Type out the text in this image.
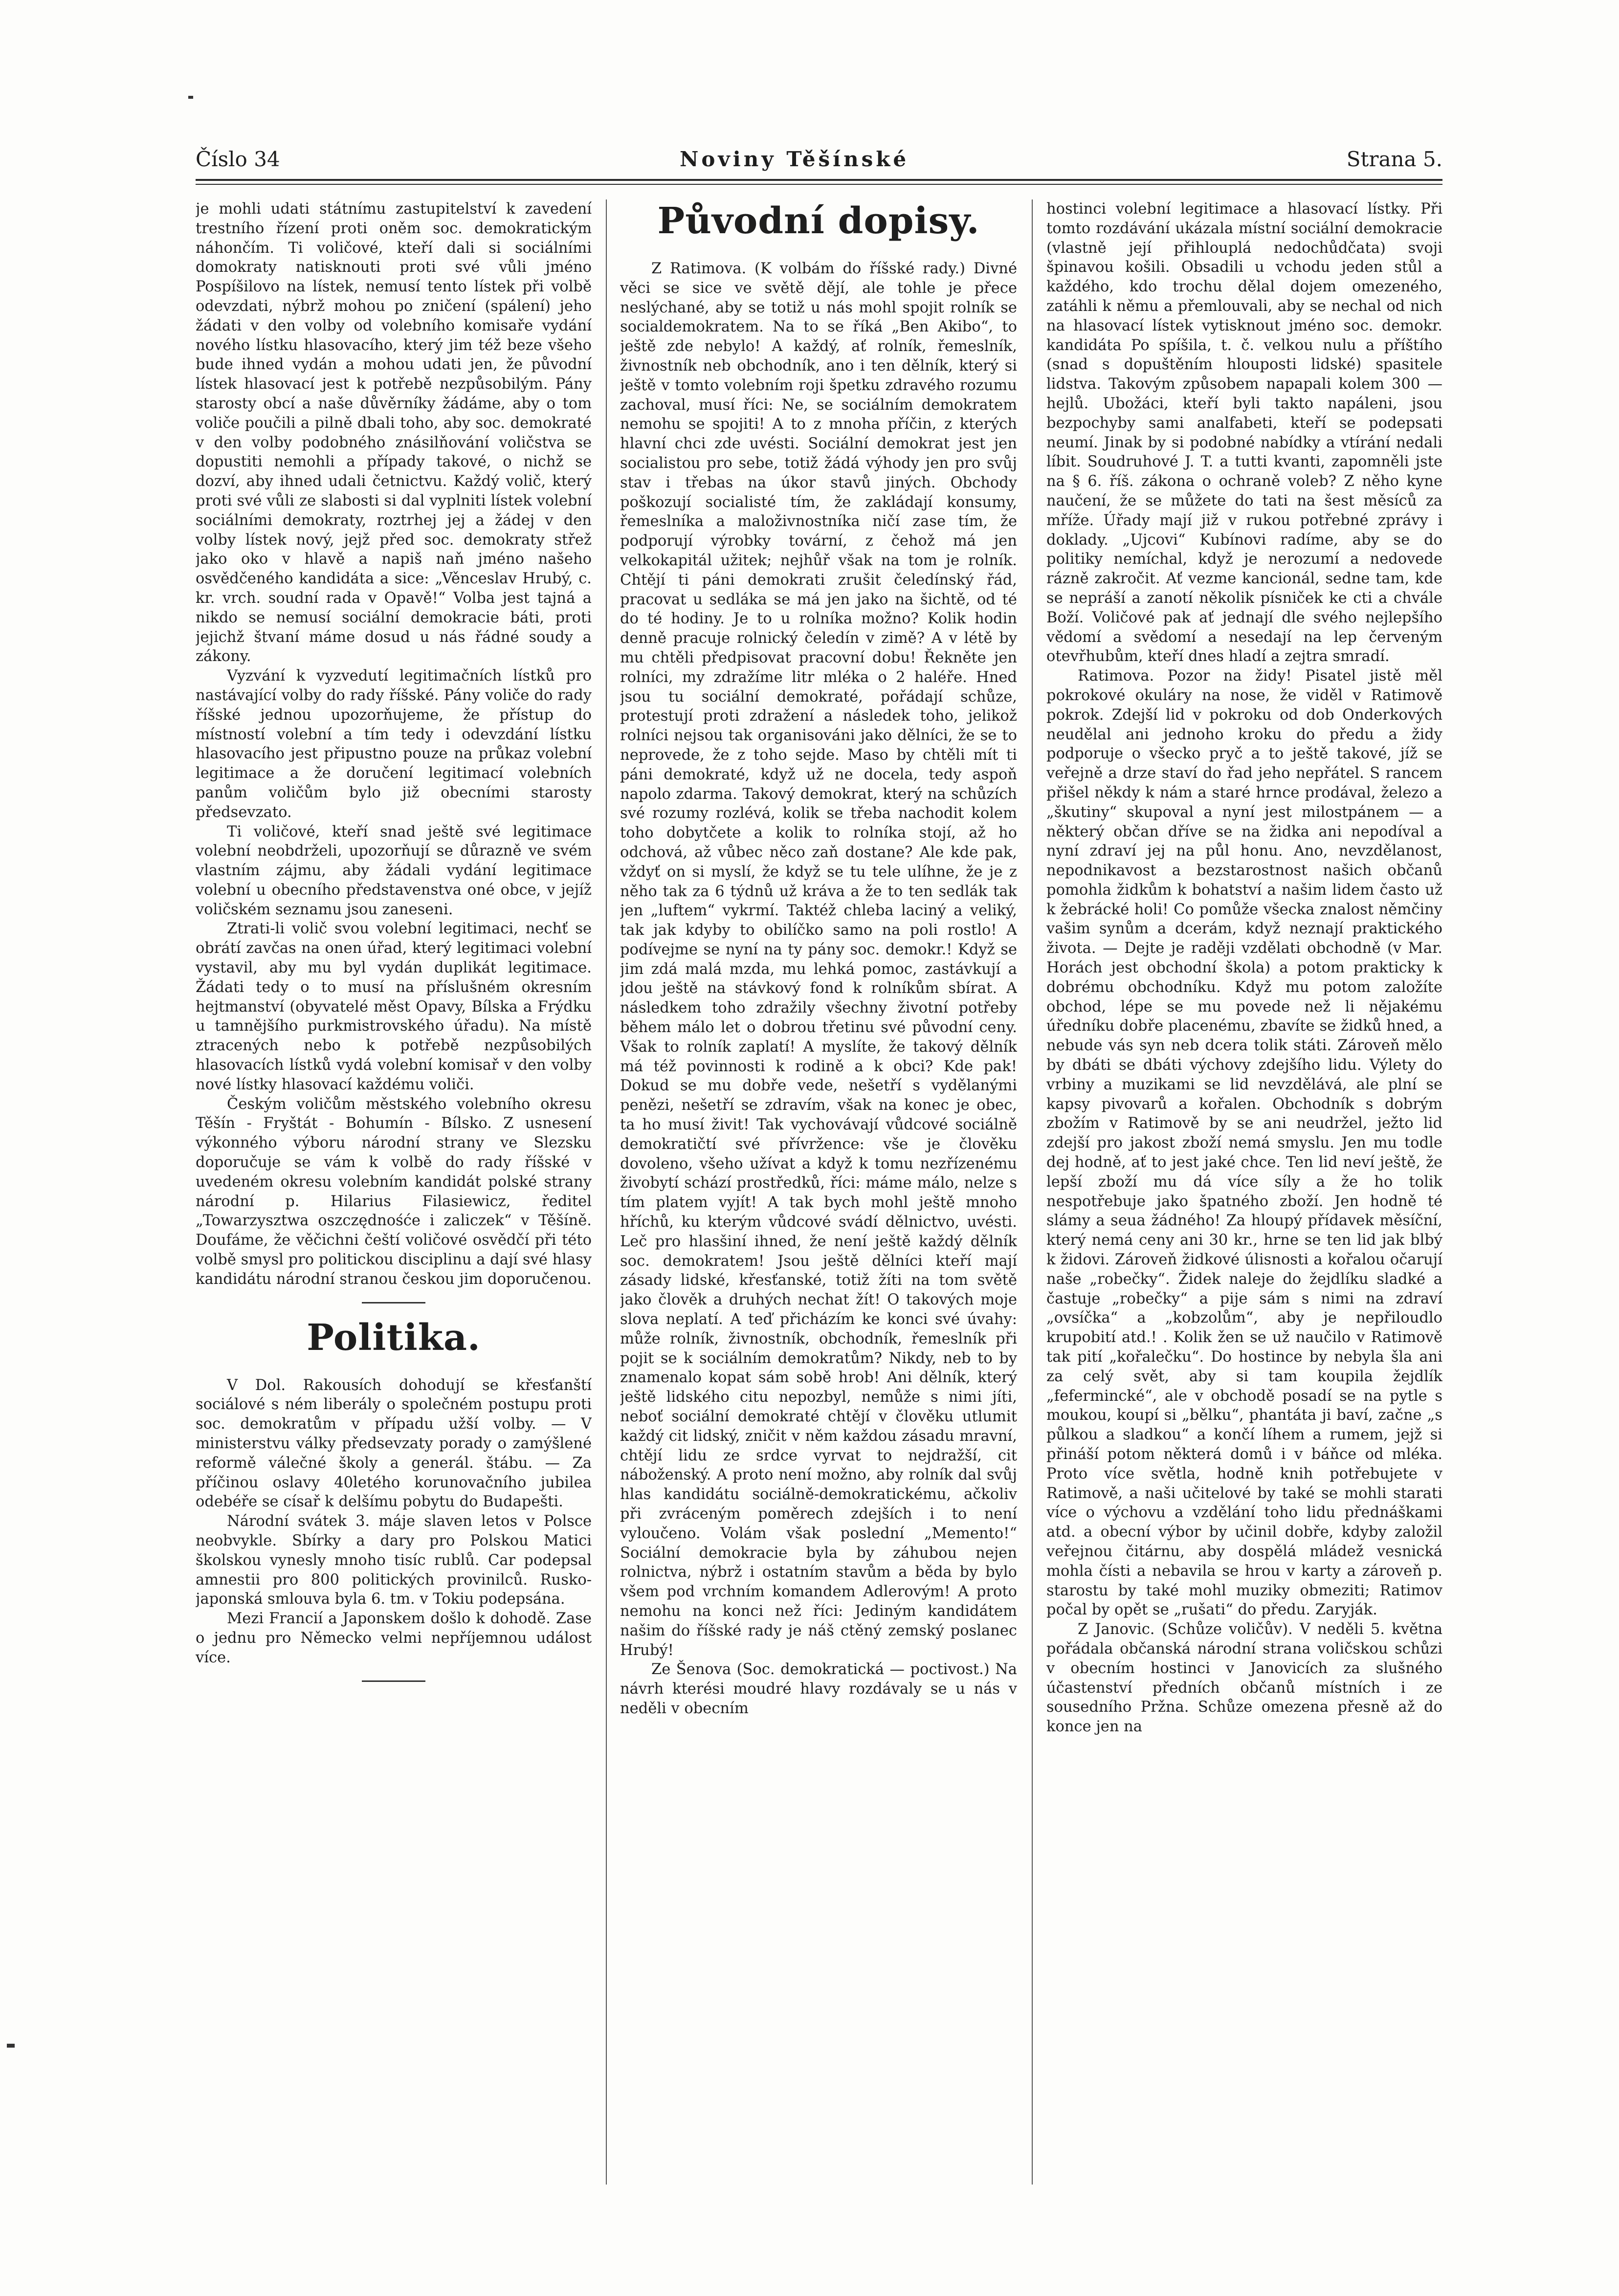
Číslo 34	Noviny Těšínské	Strana 5.

je mohli udati státnímu zastupitelství k zavedení trestního řízení proti oněm soc. demokratickým náhončím. Ti voličové, kteří dali si sociálními domokraty natisknouti proti své vůli jméno Pospíšilovo na lístek, nemusí tento lístek při volbě odevzdati, nýbrž mohou po zničení (spálení) jeho žádati v den volby od volebního komisaře vydání nového lístku hlasovacího, který jim též beze všeho bude ihned vydán a mohou udati jen, že původní lístek hlasovací jest k potřebě nezpůsobilým. Pány starosty obcí a naše důvěrníky žádáme, aby o tom voliče poučili a pilně dbali toho, aby soc. demokraté v den volby podobného znásilňování voličstva se dopustiti nemohli a případy takové, o nichž se dozví, aby ihned udali četnictvu. Každý volič, který proti své vůli ze slabosti si dal vyplniti lístek volební sociálními demokraty, roztrhej jej a žádej v den volby lístek nový, jejž před soc. demokraty střež jako oko v hlavě a napiš naň jméno našeho osvědčeného kandidáta a sice: „Věnceslav Hrubý, c. kr. vrch. soudní rada v Opavě!“ Volba jest tajná a nikdo se nemusí sociální demokracie báti, proti jejichž štvaní máme dosud u nás řádné soudy a zákony.

Vyzvání k vyzvedutí legitimačních lístků pro nastávající volby do rady říšské. Pány voliče do rady říšské jednou upozorňujeme, že přístup do místností volební a tím tedy i odevzdání lístku hlasovacího jest připustno pouze na průkaz volební legitimace a že doručení legitimací volebních panům voličům bylo již obecními starosty předsevzato.

Ti voličové, kteří snad ještě své legitimace volební neobdrželi, upozorňují se důrazně ve svém vlastním zájmu, aby žádali vydání legitimace volební u obecního představenstva oné obce, v jejíž voličském seznamu jsou zaneseni.

Ztrati-li volič svou volební legitimaci, nechť se obrátí zavčas na onen úřad, který legitimaci volební vystavil, aby mu byl vydán duplikát legitimace. Žádati tedy o to musí na příslušném okresním hejtmanství (obyvatelé měst Opavy, Bílska a Frýdku u tamnějšího purkmistrovského úřadu). Na místě ztracených nebo k potřebě nezpůsobilých hlasovacích lístků vydá volební komisař v den volby nové lístky hlasovací každému voliči.

Českým voličům městského volebního okresu Těšín - Fryštát - Bohumín - Bílsko. Z usnesení výkonného výboru národní strany ve Slezsku doporučuje se vám k volbě do rady říšské v uvedeném okresu volebním kandidát polské strany národní p. Hilarius Filasiewicz, ředitel „Towarzysztwa oszczędnośće i zaliczek“ v Těšíně. Doufáme, že věčichni čeští voličové osvědčí při této volbě smysl pro politickou disciplinu a dají své hlasy kandidátu národní stranou českou jim doporučenou.

Politika.

V Dol. Rakousích dohodují se křesťanští sociálové s ném liberály o společném postupu proti soc. demokratům v případu užší volby. — V ministerstvu války předsevzaty porady o zamýšlené reformě válečné školy a generál. štábu. — Za příčinou oslavy 40letého korunovačního jubilea odebéře se císař k delšímu pobytu do Budapešti.

Národní svátek 3. máje slaven letos v Polsce neobvykle. Sbírky a dary pro Polskou Matici školskou vynesly mnoho tisíc rublů. Car podepsal amnestii pro 800 politických provinilců. Rusko-japonská smlouva byla 6. tm. v Tokiu podepsána.

Mezi Francií a Japonskem došlo k dohodě. Zase o jednu pro Německo velmi nepříjemnou událost více.

Původní dopisy.

Z Ratimova. (K volbám do říšské rady.) Divné věci se sice ve světě dějí, ale tohle je přece neslýchané, aby se totiž u nás mohl spojit rolník se socialdemokratem. Na to se říká „Ben Akibo“, to ještě zde nebylo! A každý, ať rolník, řemeslník, živnostník neb obchodník, ano i ten dělník, který si ještě v tomto volebním roji špetku zdravého rozumu zachoval, musí říci: Ne, se sociálním demokratem nemohu se spojiti! A to z mnoha příčin, z kterých hlavní chci zde uvésti. Sociální demokrat jest jen socialistou pro sebe, totiž žádá výhody jen pro svůj stav i třebas na úkor stavů jiných. Obchody poškozují socialisté tím, že zakládají konsumy, řemeslníka a maloživnostníka ničí zase tím, že podporují výrobky tovární, z čehož má jen velkokapitál užitek; nejhůř však na tom je rolník. Chtějí ti páni demokrati zrušit čeledínský řád, pracovat u sedláka se má jen jako na šichtě, od té do té hodiny. Je to u rolníka možno? Kolik hodin denně pracuje rolnický čeledín v zimě? A v létě by mu chtěli předpisovat pracovní dobu! Řekněte jen rolníci, my zdražíme litr mléka o 2 haléře. Hned jsou tu sociální demokraté, pořádají schůze, protestují proti zdražení a následek toho, jelikož rolníci nejsou tak organisováni jako dělníci, že se to neprovede, že z toho sejde. Maso by chtěli mít ti páni demokraté, když už ne docela, tedy aspoň napolo zdarma. Takový demokrat, který na schůzích své rozumy rozlévá, kolik se třeba nachodit kolem toho dobytčete a kolik to rolníka stojí, až ho odchová, až vůbec něco zaň dostane? Ale kde pak, vždyť on si myslí, že když se tu tele ulíhne, že je z něho tak za 6 týdnů už kráva a že to ten sedlák tak jen „luftem“ vykrmí. Taktéž chleba laciný a veliký, tak jak kdyby to obilíčko samo na poli rostlo! A podívejme se nyní na ty pány soc. demokr.! Když se jim zdá malá mzda, mu lehká pomoc, zastávkují a jdou ještě na stávkový fond k rolníkům sbírat. A následkem toho zdražily všechny životní potřeby během málo let o dobrou třetinu své původní ceny. Však to rolník zaplatí! A myslíte, že takový dělník má též povinnosti k rodině a k obci? Kde pak! Dokud se mu dobře vede, nešetří s vydělanými penězi, nešetří se zdravím, však na konec je obec, ta ho musí živit! Tak vychovávají vůdcové sociálně demokratičtí své přívržence: vše je člověku dovoleno, všeho užívat a když k tomu nezřízenému živobytí schází prostředků, říci: máme málo, nelze s tím platem vyjít! A tak bych mohl ještě mnoho hříchů, ku kterým vůdcové svádí dělnictvo, uvésti. Leč pro hlasšiní ihned, že není ještě každý dělník soc. demokratem! Jsou ještě dělníci kteří mají zásady lidské, křesťanské, totiž žíti na tom světě jako člověk a druhých nechat žít! O takových moje slova neplatí. A teď přicházím ke konci své úvahy: může rolník, živnostník, obchodník, řemeslník při pojit se k sociálním demokratům? Nikdy, neb to by znamenalo kopat sám sobě hrob! Ani dělník, který ještě lidského citu nepozbyl, nemůže s nimi jíti, neboť sociální demokraté chtějí v člověku utlumit každý cit lidský, zničit v něm každou zásadu mravní, chtějí lidu ze srdce vyrvat to nejdražší, cit náboženský. A proto není možno, aby rolník dal svůj hlas kandidátu sociálně-demokratickému, ačkoliv při zvráceným poměrech zdejších i to není vyloučeno. Volám však poslední „Memento!“ Sociální demokracie byla by záhubou nejen rolnictva, nýbrž i ostatním stavům a běda by bylo všem pod vrchním komandem Adlerovým! A proto nemohu na konci než říci: Jediným kandidátem našim do říšské rady je náš ctěný zemský poslanec Hrubý!

Ze Šenova (Soc. demokratická — poctivost.) Na návrh kterési moudré hlavy rozdávaly se u nás v neděli v obecním

hostinci volební legitimace a hlasovací lístky. Při tomto rozdávání ukázala místní sociální demokracie (vlastně její přihlouplá nedochůdčata) svoji špinavou košili. Obsadili u vchodu jeden stůl a každého, kdo trochu dělal dojem omezeného, zatáhli k němu a přemlouvali, aby se nechal od nich na hlasovací lístek vytisknout jméno soc. demokr. kandidáta Po spíšila, t. č. velkou nulu a příštího (snad s dopuštěním hlouposti lidské) spasitele lidstva. Takovým způsobem napapali kolem 300 — hejlů. Ubožáci, kteří byli takto napáleni, jsou bezpochyby sami analfabeti, kteří se podepsati neumí. Jinak by si podobné nabídky a vtírání nedali líbit. Soudruhové J. T. a tutti kvanti, zapomněli jste na § 6. říš. zákona o ochraně voleb? Z něho kyne naučení, že se můžete do tati na šest měsíců za mříže. Úřady mají již v rukou potřebné zprávy i doklady. „Ujcovi“ Kubínovi radíme, aby se do politiky nemíchal, když je nerozumí a nedovede rázně zakročit. Ať vezme kancionál, sedne tam, kde se nepráší a zanotí několik písniček ke cti a chvále Boží. Voličové pak ať jednají dle svého nejlepšího vědomí a svědomí a nesedají na lep červeným otevřhubům, kteří dnes hladí a zejtra smradí.

Ratimova. Pozor na židy! Pisatel jistě měl pokrokové okuláry na nose, že viděl v Ratimově pokrok. Zdejší lid v pokroku od dob Onderkových neudělal ani jednoho kroku do předu a židy podporuje o všecko pryč a to ještě takové, jíž se veřejně a drze staví do řad jeho nepřátel. S rancem přišel někdy k nám a staré hrnce prodával, železo a „škutiny“ skupoval a nyní jest milostpánem — a některý občan dříve se na židka ani nepodíval a nyní zdraví jej na půl honu. Ano, nevzdělanost, nepodnikavost a bezstarostnost našich občanů pomohla židkům k bohatství a našim lidem často už k žebrácké holi! Co pomůže všecka znalost němčiny vašim synům a dcerám, když neznají praktického života. — Dejte je raději vzdělati obchodně (v Mar. Horách jest obchodní škola) a potom prakticky k dobrému obchodníku. Když mu potom založíte obchod, lépe se mu povede než li nějakému úředníku dobře placenému, zbavíte se židků hned, a nebude vás syn neb dcera tolik státi. Zároveň mělo by dbáti se dbáti výchovy zdejšího lidu. Výlety do vrbiny a muzikami se lid nevzdělává, ale plní se kapsy pivovarů a kořalen. Obchodník s dobrým zbožím v Ratimově by se ani neudržel, ježto lid zdejší pro jakost zboží nemá smyslu. Jen mu todle dej hodně, ať to jest jaké chce. Ten lid neví ještě, že lepší zboží mu dá více síly a že ho tolik nespotřebuje jako špatného zboží. Jen hodně té slámy a seua žádného! Za hloupý přídavek měsíční, který nemá ceny ani 30 kr., hrne se ten lid jak blbý k židovi. Zároveň židkové úlisnosti a kořalou očarují naše „robečky“. Židek naleje do žejdlíku sladké a častuje „robečky“ a pije sám s nimi na zdraví „ovsíčka“ a „kobzolům“, aby je nepřiloudlo krupobití atd.! . Kolik žen se už naučilo v Ratimově tak pití „kořalečku“. Do hostince by nebyla šla ani za celý svět, aby si tam koupila žejdlík „fefermincké“, ale v obchodě posadí se na pytle s moukou, koupí si „bělku“, phantáta ji baví, začne „s půlkou a sladkou“ a končí líhem a rumem, jejž si přináší potom některá domů i v báňce od mléka. Proto více světla, hodně knih potřebujete v Ratimově, a naši učitelové by také se mohli starati více o výchovu a vzdělání toho lidu přednáškami atd. a obecní výbor by učinil dobře, kdyby založil veřejnou čitárnu, aby dospělá mládež vesnická mohla čísti a nebavila se hrou v karty a zároveň p. starostu by také mohl muziky obmeziti; Ratimov počal by opět se „rušati“ do předu. Zaryják.

Z Janovic. (Schůze voličův). V neděli 5. května pořádala občanská národní strana voličskou schůzi v obecním hostinci v Janovicích za slušného účastenství předních občanů místních i ze sousedního Pržna. Schůze omezena přesně až do konce jen na
